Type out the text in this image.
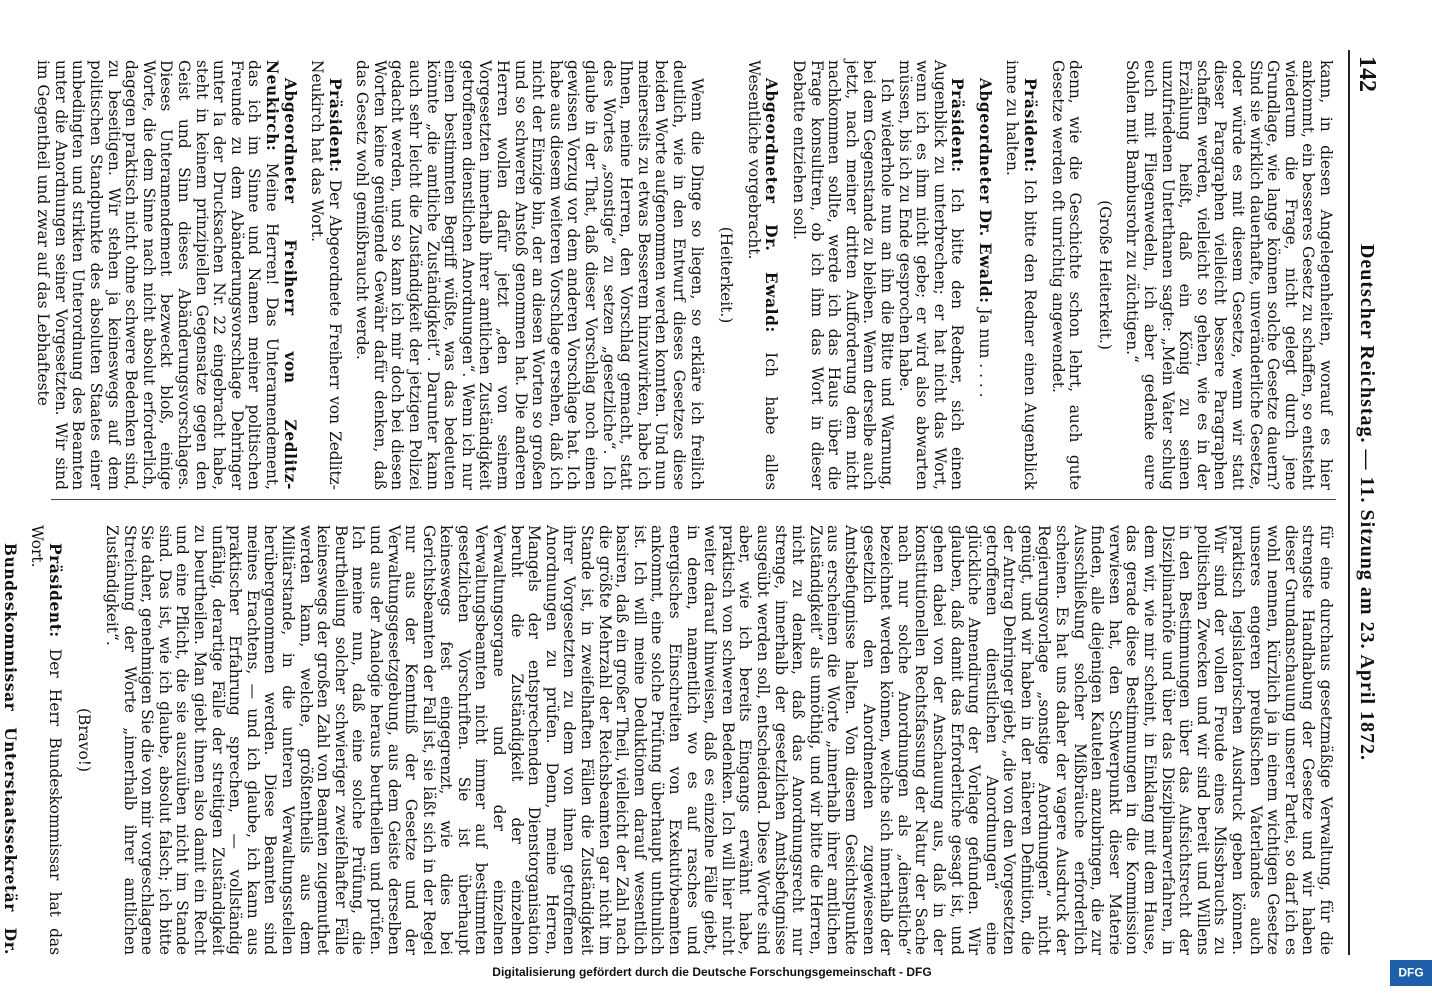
142
Deutscher Reichstag. — 11. Sitzung am 23. April 1872.

kann, in diesen Angelegenheiten, worauf es hier ankommt, ein besseres Gesetz zu schaffen, so entsteht wiederum die Frage, nicht gelegt durch jene Grundlage, wie lange können solche Gesetze dauern? Sind sie wirklich dauerhafte, unveränderliche Gesetze, oder würde es mit diesem Gesetze, wenn wir statt dieser Paragraphen vielleicht bessere Paragraphen schaffen werden, vielleicht so gehen, wie es in der Erzählung heißt, daß ein König zu seinen unzufriedenen Unterthanen sagte: „Mein Vater schlug euch mit Fliegenwedeln, ich aber gedenke eure Sohlen mit Bambusrohr zu züchtigen.“

(Große Heiterkeit.)

denn, wie die Geschichte schon lehrt, auch gute Gesetze werden oft unrichtig angewendet.

Präsident: Ich bitte den Redner einen Augenblick inne zu halten.

Abgeordneter Dr. Ewald: Ja nun . . . .

Präsident: Ich bitte den Redner, sich einen Augenblick zu unterbrechen; er hat nicht das Wort, wenn ich es ihm nicht gebe; er wird also abwarten müssen, bis ich zu Ende gesprochen habe.

Ich wiederhole nun an ihn die Bitte und Warnung, bei dem Gegenstande zu bleiben. Wenn derselbe auch jetzt, nach meiner dritten Aufforderung dem nicht nachkommen sollte, werde ich das Haus über die Frage konsultiren, ob ich ihm das Wort in dieser Debatte entziehen soll.

Abgeordneter Dr. Ewald: Ich habe alles Wesentliche vorgebracht.

(Heiterkeit.)

Wenn die Dinge so liegen, so erkläre ich freilich deutlich, wie in den Entwurf dieses Gesetzes diese beiden Worte aufgenommen werden konnten. Und nun meinerseits zu etwas Besserem hinzuwirken, habe ich Ihnen, meine Herren, den Vorschlag gemacht, statt des Wortes „sonstige“ zu setzen „gesetzliche“. Ich glaube in der That, daß dieser Vorschlag noch einen gewissen Vorzug vor dem anderen Vorschlage hat. Ich habe aus diesem weiteren Vorschlage ersehen, daß ich nicht der Einzige bin, der an diesen Worten so großen und so schweren Anstoß genommen hat. Die anderen Herren wollen dafür jetzt „den von seinem Vorgesetzten innerhalb ihrer amtlichen Zuständigkeit getroffenen dienstlichen Anordnungen“. Wenn ich nur einen bestimmten Begriff wüßte, was das bedeuten könnte „die amtliche Zuständigkeit“. Darunter kann auch sehr leicht die Zuständigkeit der jetzigen Polizei gedacht werden, und so kann ich mir doch bei diesen Worten keine genügende Gewähr dafür denken, daß das Gesetz wohl gemißbraucht werde.

Präsident: Der Abgeordnete Freiherr von Zedlitz-Neukirch hat das Wort.

Abgeordneter Freiherr von Zedlitz-Neukirch: Meine Herren! Das Unteramendement, das ich im Sinne und Namen meiner politischen Freunde zu dem Abänderungsvorschlage Dehringer unter Ia der Drucksachen Nr. 22 eingebracht habe, steht in keinem prinzipiellen Gegensatze gegen den Geist und Sinn dieses Abänderungsvorschlages. Dieses Unteramendement bezweckt bloß, einige Worte, die dem Sinne nach nicht absolut erforderlich, dagegen praktisch nicht ohne schwere Bedenken sind, zu beseitigen. Wir stehen ja keineswegs auf dem politischen Standpunkte des absoluten Staates einer unbedingten und strikten Unterordnung des Beamten unter die Anordnungen seiner Vorgesetzten. Wir sind im Gegentheil und zwar auf das Lebhafteste

für eine durchaus gesetzmäßige Verwaltung, für die strengste Handhabung der Gesetze und wir haben dieser Grundanschauung unserer Partei, so darf ich es wohl nennen, kürzlich ja in einem wichtigen Gesetze unseres engeren preußischen Vaterlandes auch praktisch legislatorischen Ausdruck geben können. Wir sind der vollen Freude eines Missbrauchs zu politischen Zwecken und wir sind bereit und Willens in den Bestimmungen über das Aufsichtsrecht der Disziplinarhöfe und über das Disziplinarverfahren, in dem wir, wie mir scheint, in Einklang mit dem Hause, das gerade diese Bestimmungen in die Kommission verwiesen hat, den Schwerpunkt dieser Materie finden, alle diejenigen Kautelen anzubringen, die zur Ausschließung solcher Mißbräuche erforderlich scheinen. Es hat uns daher der vagere Ausdruck der Regierungsvorlage „sonstige Anordnungen“ nicht genügt, und wir haben in der näheren Definition, die der Antrag Dehringer giebt, „die von den Vorgesetzten getroffenen dienstlichen Anordnungen“ eine glückliche Amendirung der Vorlage gefunden. Wir glauben, daß damit das Erforderliche gesagt ist, und gehen dabei von der Anschauung aus, daß in der konstitutionellen Rechtsfassung der Natur der Sache nach nur solche Anordnungen als „dienstliche“ bezeichnet werden können, welche sich innerhalb der gesetzlich den Anordnenden zugewiesenen Amtsbefugnisse halten. Von diesem Gesichtspunkte aus erscheinen die Worte „innerhalb ihrer amtlichen Zuständigkeit“ als unnöthig, und wir bitte die Herren, nicht zu denken, daß das Anordnungsrecht nur strenge, innerhalb der gesetzlichen Amtsbefugnisse ausgeübt werden soll, entscheidend. Diese Worte sind aber, wie ich bereits Eingangs erwähnt habe, praktisch von schweren Bedenken. Ich will hier nicht weiter darauf hinweisen, daß es einzelne Fälle giebt, in denen, namentlich wo es auf rasches und energisches Einschreiten von Exekutivbeamten ankommt, eine solche Prüfung überhaupt unthunlich ist. Ich will meine Deduktionen darauf wesentlich basiren, daß ein großer Theil, vielleicht der Zahl nach die größte Mehrzahl der Reichsbeamten gar nicht im Stande ist, in zweifelhaften Fällen die Zuständigkeit ihrer Vorgesetzten zu dem von ihnen getroffenen Anordnungen zu prüfen. Denn, meine Herren, Mangels der entsprechenden Dienstorganisation beruht die Zuständigkeit der einzelnen Verwaltungsorgane und der einzelnen Verwaltungsbeamten nicht immer auf bestimmten gesetzlichen Vorschriften. Sie ist überhaupt keineswegs fest eingegrenzt, wie dies bei Gerichtsbeamten der Fall ist, sie läßt sich in der Regel nur aus der Kenntniß der Gesetze und der Verwaltungsgesetzgebung, aus dem Geiste derselben und aus der Analogie heraus beurtheilen und prüfen. Ich meine nun, daß eine solche Prüfung, die Beurtheilung solcher schwieriger zweifelhafter Fälle keineswegs der großen Zahl von Beamten zugemuthet werden kann, welche, größtentheils aus dem Militärstande, in die unteren Verwaltungsstellen herübergenommen werden. Diese Beamten sind meines Erachtens, — und ich glaube, ich kann aus praktischer Erfahrung sprechen, — vollständig unfähig, derartige Fälle der streitigen Zuständigkeit zu beurtheilen. Man giebt ihnen also damit ein Recht und eine Pflicht, die sie auszuüben nicht im Stande sind. Das ist, wie ich glaube, absolut falsch; ich bitte Sie daher, genehmigen Sie die von mir vorgeschlagene Streichung der Worte „innerhalb ihrer amtlichen Zuständigkeit“.

(Bravo!)

Präsident: Der Herr Bundeskommissar hat das Wort.

Bundeskommissar Unterstaatssekretär Dr.

Digitalisierung gefördert durch die Deutsche Forschungsgemeinschaft - DFG	DFG
